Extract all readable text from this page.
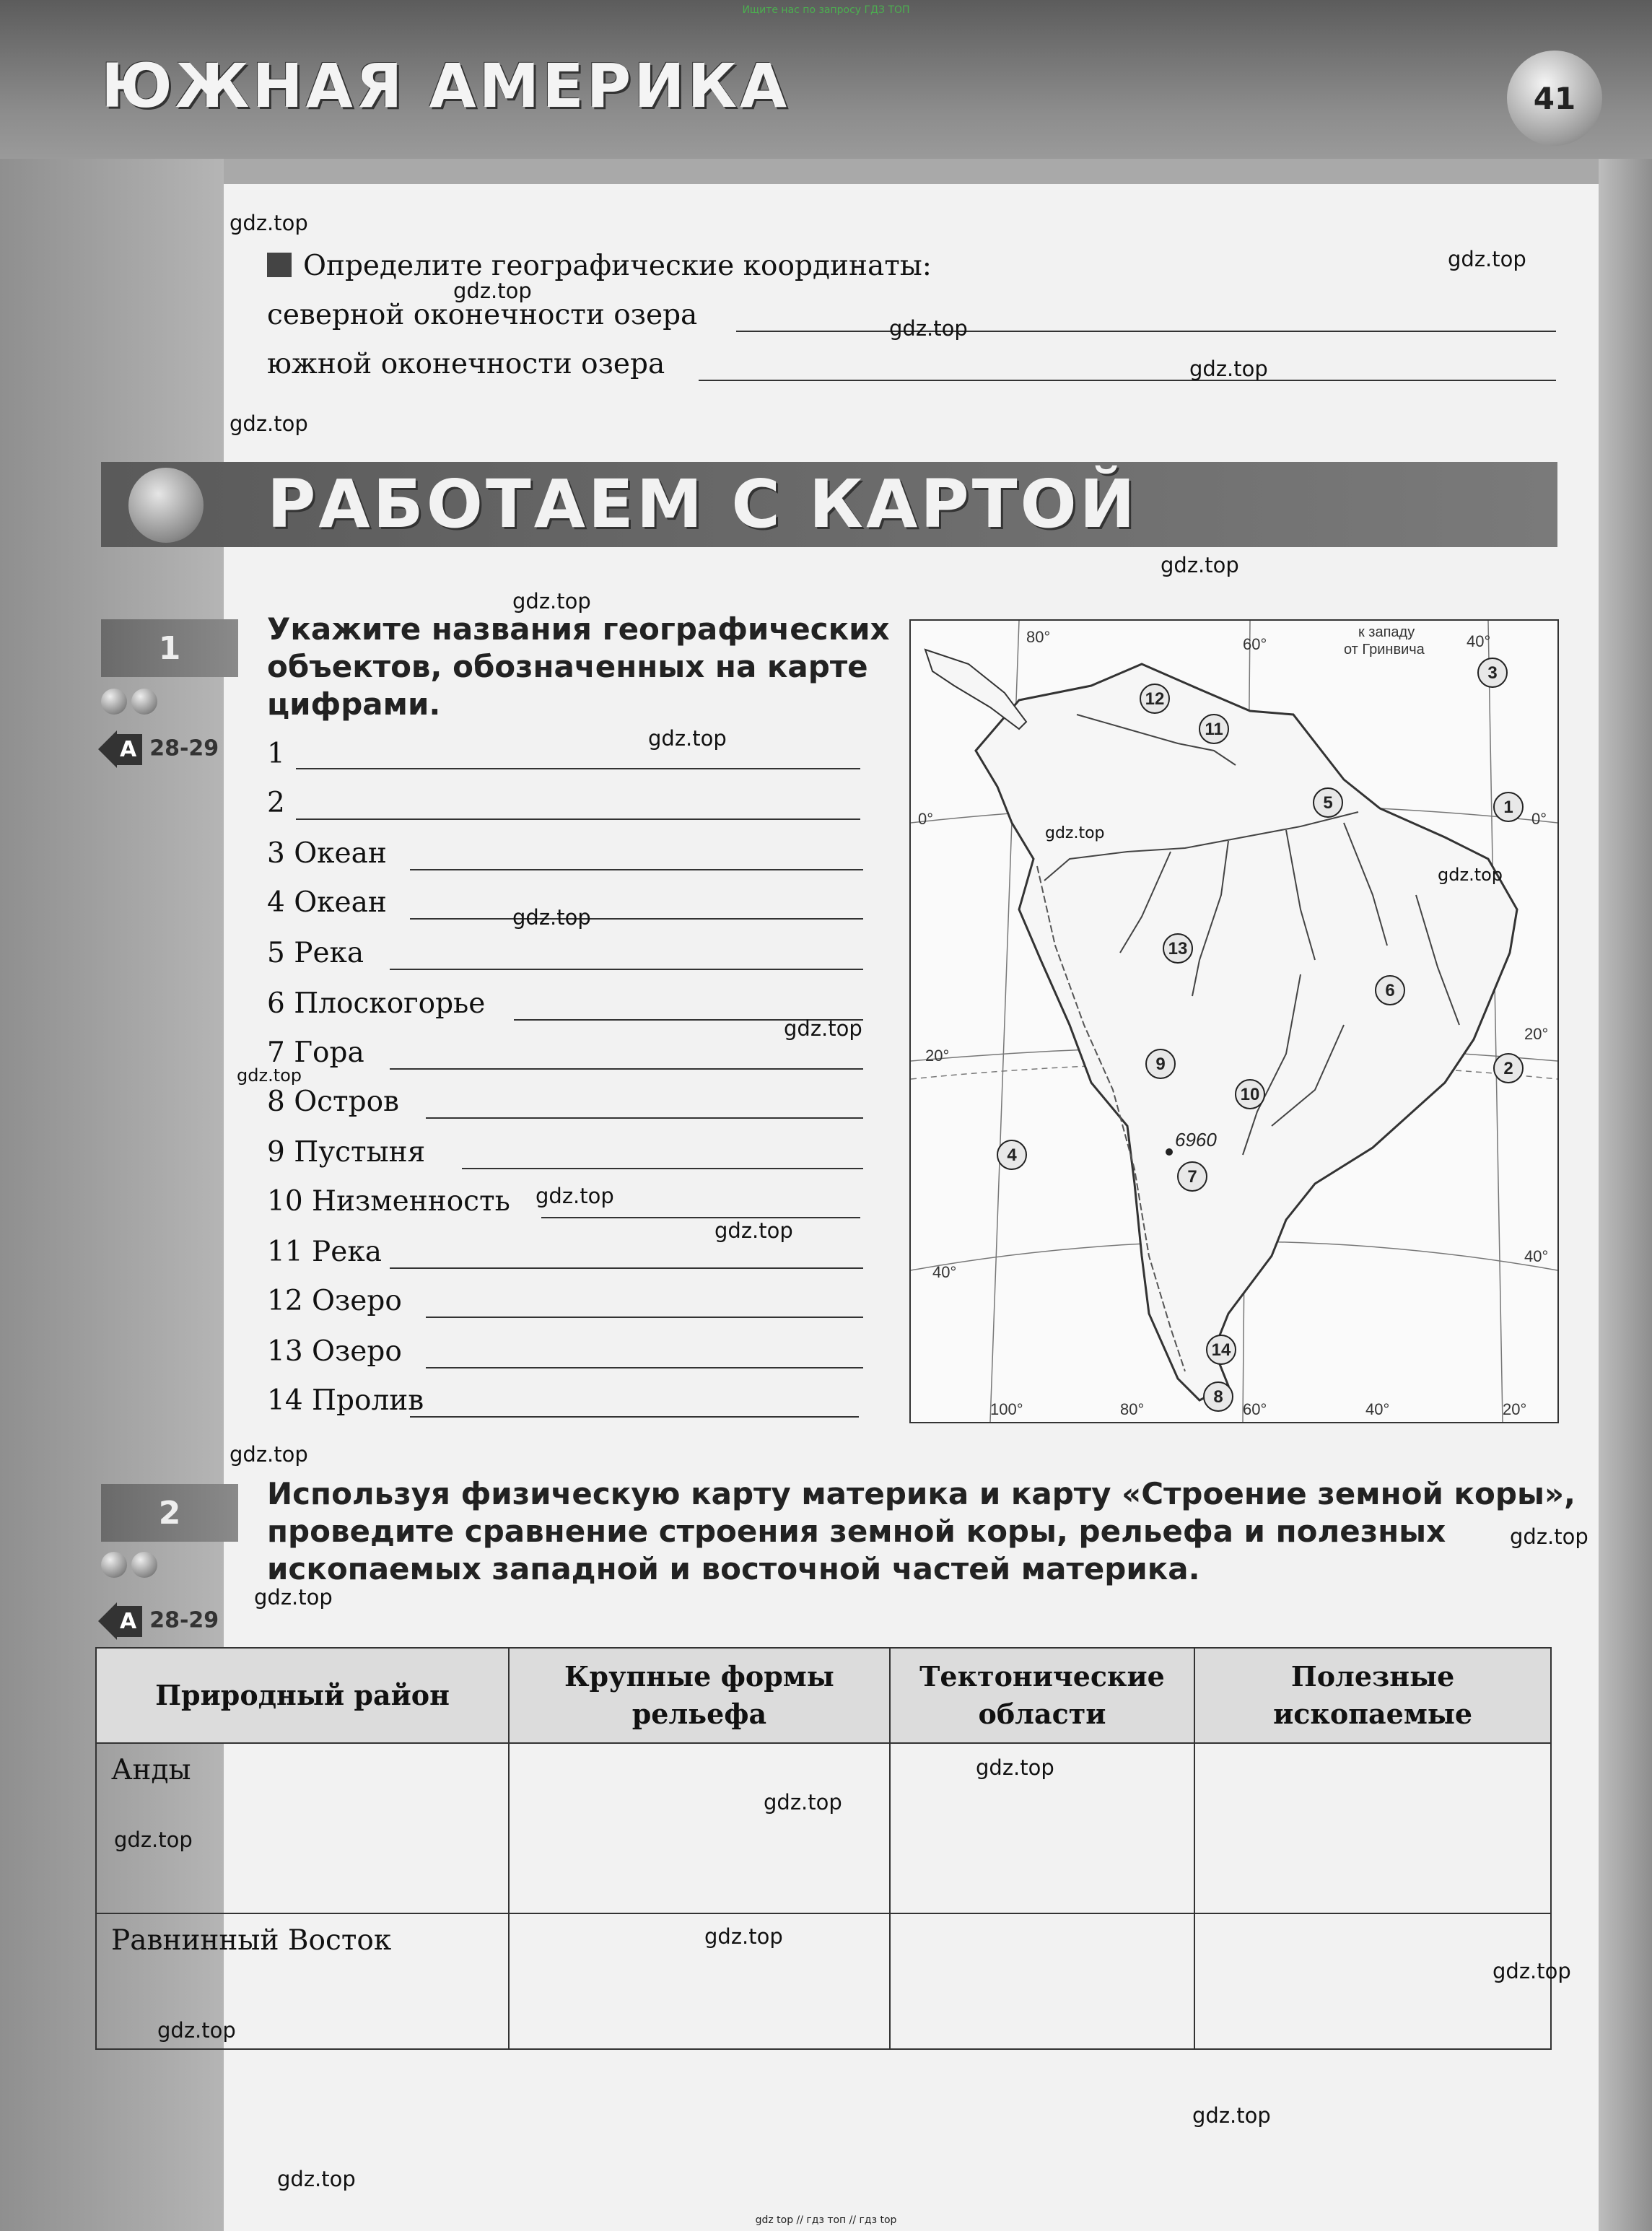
Ищите нас по запросу ГДЗ ТОП
ЮЖНАЯ АМЕРИКА	41
Определите географические координаты:
северной оконечности озера
южной оконечности озера
РАБОТАЕМ С КАРТОЙ
1
A 28-29
Укажите названия географических
объектов, обозначенных на карте
цифрами.
1
2
3 Океан
4 Океан
5 Река
6 Плоскогорье
7 Гора
8 Остров
9 Пустыня
10 Низменность
11 Река
12 Озеро
13 Озеро
14 Пролив
80°	60°	40°
к западу
от Гринвича
100°	80°	60°	40°	20°
0°
20°
40°
0°
20°
40°
6960
1
2
3
4
5
6
7
8
9
10
11
12
13
14
2
A 28-29
Используя физическую карту материка и карту «Строение земной коры»,
проведите сравнение строения земной коры, рельефа и полезных
ископаемых западной и восточной частей материка.
Природный район	Крупные формы рельефа	Тектонические области	Полезные ископаемые
Анды			
Равнинный Восток			
gdz.top
gdz.top
gdz.top
gdz.top
gdz.top
gdz.top
gdz.top
gdz.top
gdz.top
gdz.top
gdz.top
gdz.top
gdz.top
gdz.top
gdz.top
gdz.top
gdz.top
gdz.top
gdz.top
gdz.top
gdz.top
gdz.top
gdz.top
gdz.top
gdz.top
gdz.top
gdz.top
gdz top // гдз топ // гдз top
